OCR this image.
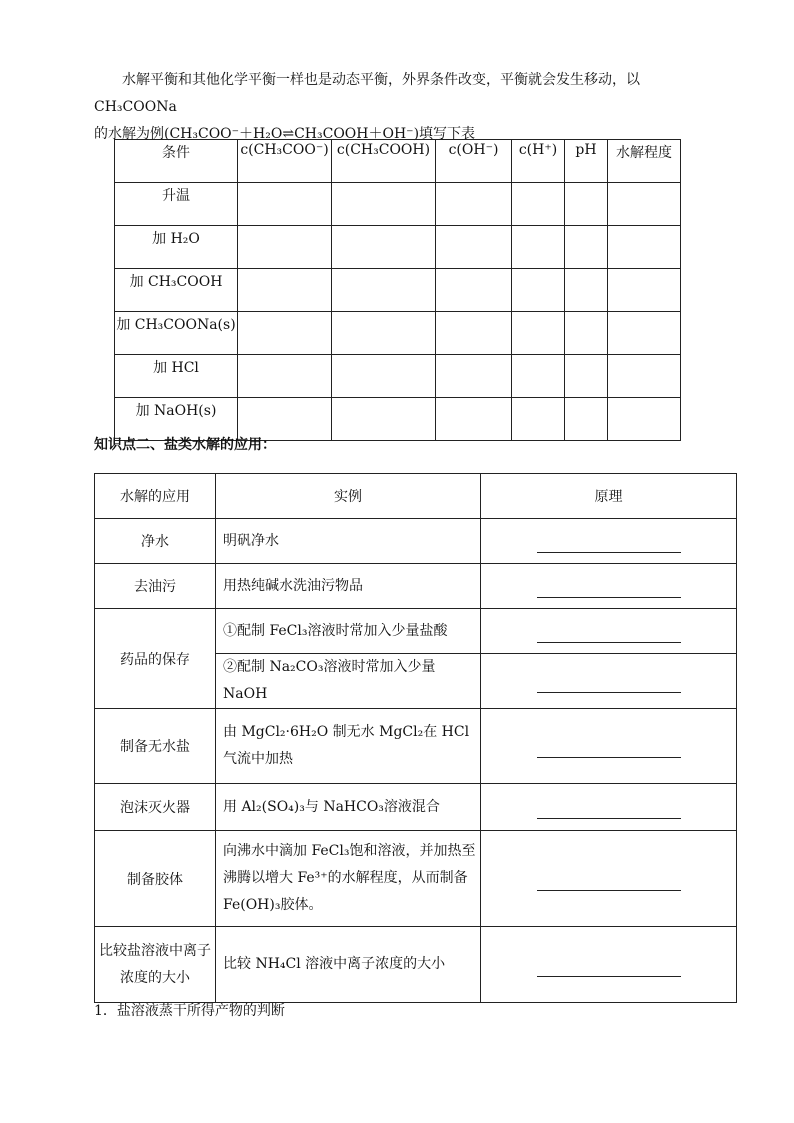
水解平衡和其他化学平衡一样也是动态平衡，外界条件改变，平衡就会发生移动，以 CH₃COONa
的水解为例(CH₃COO⁻＋H₂O⇌CH₃COOH＋OH⁻)填写下表
条件	c(CH₃COO⁻)	c(CH₃COOH)	c(OH⁻)	c(H⁺)	pH	水解程度
升温						
加 H₂O						
加 CH₃COOH						
加 CH₃COONa(s)						
加 HCl						
加 NaOH(s)						
知识点二、盐类水解的应用：
水解的应用	实例	原理
净水	明矾净水	

去油污	用热纯碱水洗油污物品	

药品的保存	①配制 FeCl₃溶液时常加入少量盐酸	

	②配制 Na₂CO₃溶液时常加入少量 NaOH	

制备无水盐	由 MgCl₂·6H₂O 制无水 MgCl₂在 HCl 气流中加热	

泡沫灭火器	用 Al₂(SO₄)₃与 NaHCO₃溶液混合	

制备胶体	向沸水中滴加 FeCl₃饱和溶液，并加热至沸腾以增大 Fe³⁺的水解程度，从而制备 Fe(OH)₃胶体。	

比较盐溶液中离子浓度的大小	比较 NH₄Cl 溶液中离子浓度的大小	
1．盐溶液蒸干所得产物的判断
